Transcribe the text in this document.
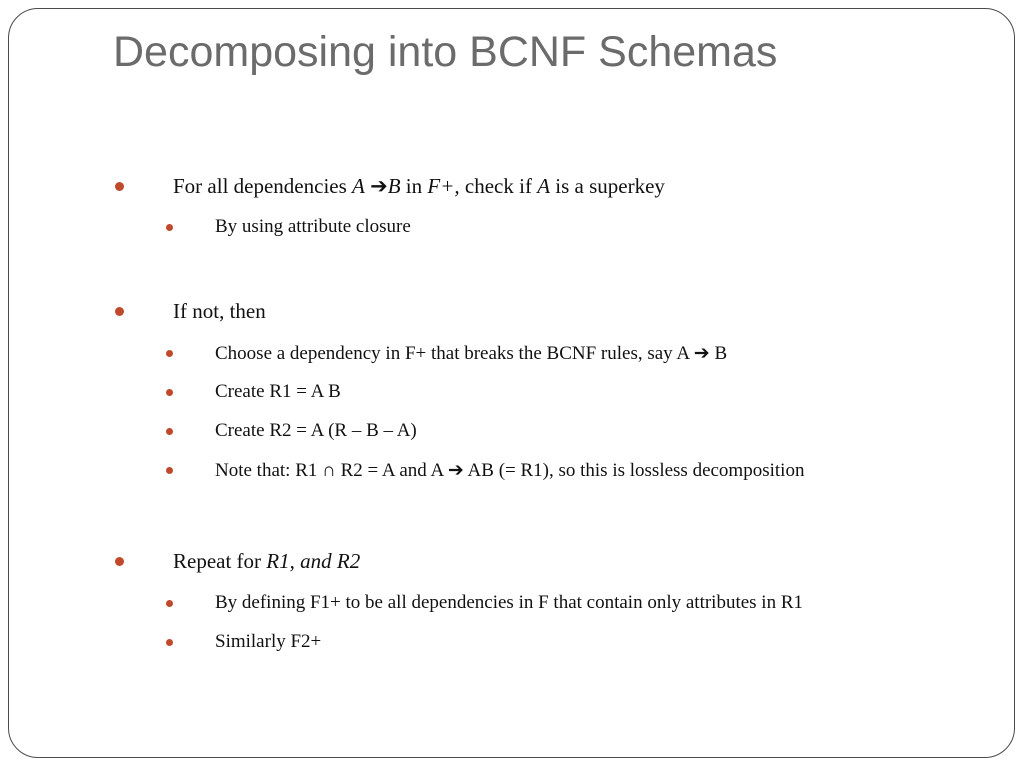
Decomposing into BCNF Schemas
For all dependencies A ➔B in F+, check if A is a superkey
By using attribute closure
If not, then
Choose a dependency in F+ that breaks the BCNF rules, say A ➔ B
Create R1 = A B
Create R2 = A (R – B – A)
Note that: R1 ∩ R2 = A and A ➔ AB (= R1), so this is lossless decomposition
Repeat for R1, and R2
By defining F1+ to be all dependencies in F that contain only attributes in R1
Similarly F2+
